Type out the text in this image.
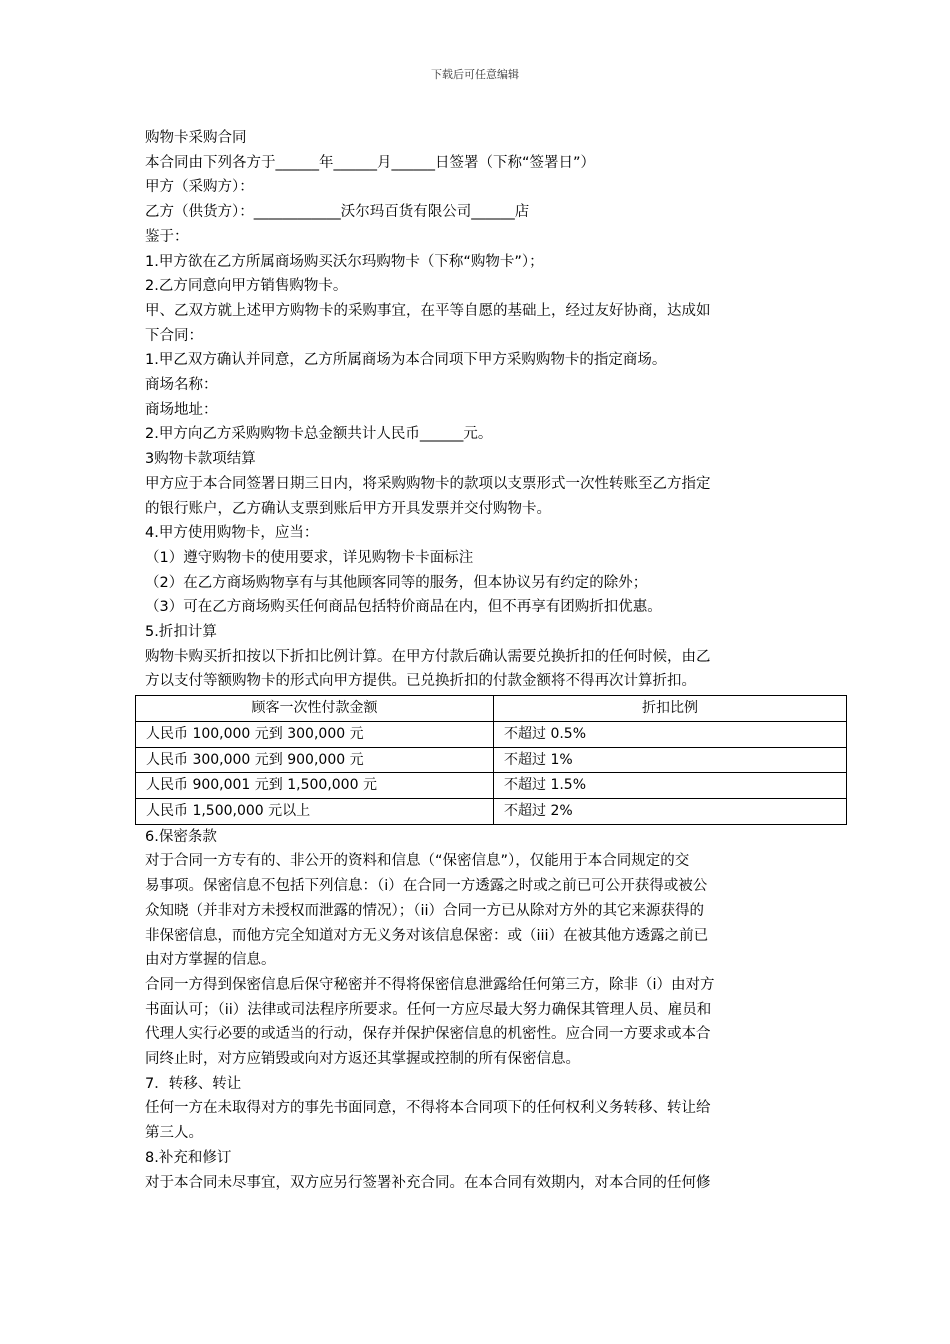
下载后可任意编辑
购物卡采购合同
本合同由下列各方于______年______月______日签署（下称“签署日”）
甲方（采购方）：
乙方（供货方）：____________沃尔玛百货有限公司______店
鉴于：
1.甲方欲在乙方所属商场购买沃尔玛购物卡（下称“购物卡”）；
2.乙方同意向甲方销售购物卡。
甲、乙双方就上述甲方购物卡的采购事宜，在平等自愿的基础上，经过友好协商，达成如
下合同：
1.甲乙双方确认并同意，乙方所属商场为本合同项下甲方采购购物卡的指定商场。
商场名称：
商场地址：
2.甲方向乙方采购购物卡总金额共计人民币______元。
3购物卡款项结算
甲方应于本合同签署日期三日内，将采购购物卡的款项以支票形式一次性转账至乙方指定
的银行账户，乙方确认支票到账后甲方开具发票并交付购物卡。
4.甲方使用购物卡，应当：
（1）遵守购物卡的使用要求，详见购物卡卡面标注
（2）在乙方商场购物享有与其他顾客同等的服务，但本协议另有约定的除外；
（3）可在乙方商场购买任何商品包括特价商品在内，但不再享有团购折扣优惠。
5.折扣计算
购物卡购买折扣按以下折扣比例计算。在甲方付款后确认需要兑换折扣的任何时候，由乙
方以支付等额购物卡的形式向甲方提供。已兑换折扣的付款金额将不得再次计算折扣。
顾客一次性付款金额	折扣比例
人民币 100,000 元到 300,000 元	不超过 0.5%
人民币 300,000 元到 900,000 元	不超过 1%
人民币 900,001 元到 1,500,000 元	不超过 1.5%
人民币 1,500,000 元以上	不超过 2%
6.保密条款
对于合同一方专有的、非公开的资料和信息（“保密信息”），仅能用于本合同规定的交
易事项。保密信息不包括下列信息：（i）在合同一方透露之时或之前已可公开获得或被公
众知晓（并非对方未授权而泄露的情况）；（ii）合同一方已从除对方外的其它来源获得的
非保密信息，而他方完全知道对方无义务对该信息保密：或（iii）在被其他方透露之前已
由对方掌握的信息。
合同一方得到保密信息后保守秘密并不得将保密信息泄露给任何第三方，除非（i）由对方
书面认可；（ii）法律或司法程序所要求。任何一方应尽最大努力确保其管理人员、雇员和
代理人实行必要的或适当的行动，保存并保护保密信息的机密性。应合同一方要求或本合
同终止时，对方应销毁或向对方返还其掌握或控制的所有保密信息。
7．转移、转让
任何一方在未取得对方的事先书面同意，不得将本合同项下的任何权利义务转移、转让给
第三人。
8.补充和修订
对于本合同未尽事宜，双方应另行签署补充合同。在本合同有效期内，对本合同的任何修
